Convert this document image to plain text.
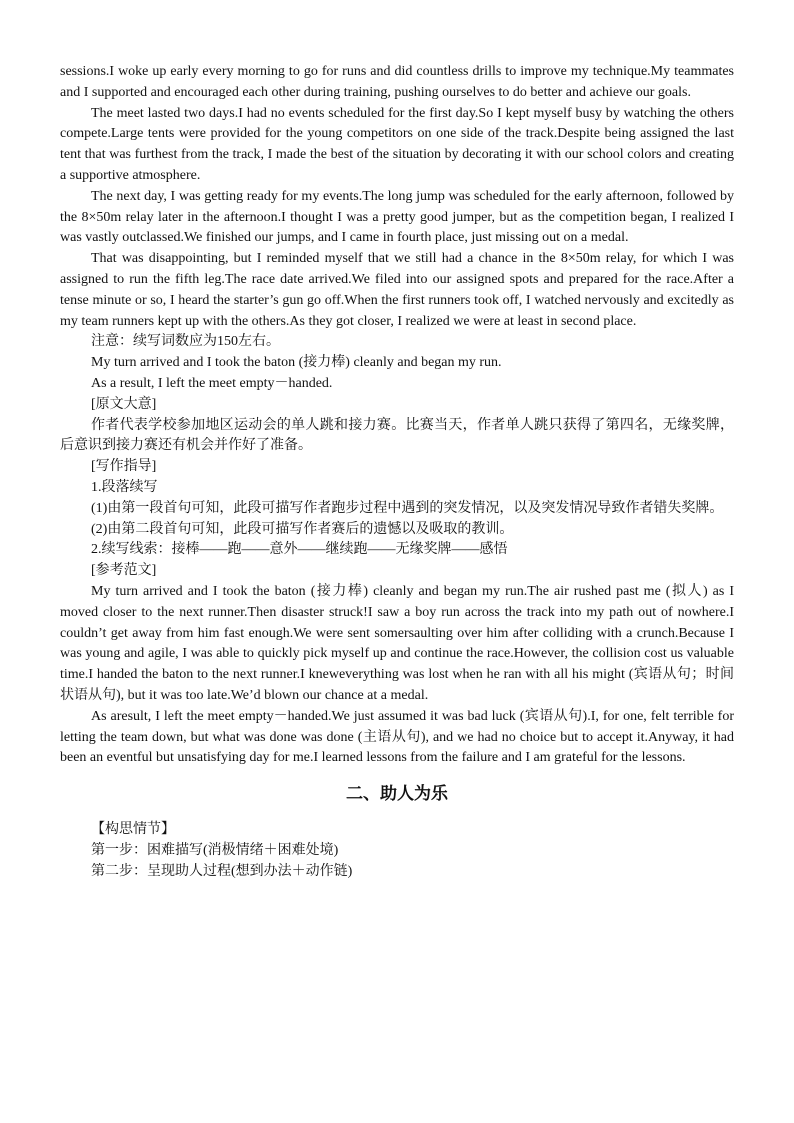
sessions.I woke up early every morning to go for runs and did countless drills to improve my technique.My teammates and I supported and encouraged each other during training, pushing ourselves to do better and achieve our goals.

The meet lasted two days.I had no events scheduled for the first day.So I kept myself busy by watching the others compete.Large tents were provided for the young competitors on one side of the track.Despite being assigned the last tent that was furthest from the track, I made the best of the situation by decorating it with our school colors and creating a supportive atmosphere.

The next day, I was getting ready for my events.The long jump was scheduled for the early afternoon, followed by the 8×50m relay later in the afternoon.I thought I was a pretty good jumper, but as the competition began, I realized I was vastly outclassed.We finished our jumps, and I came in fourth place, just missing out on a medal.

That was disappointing, but I reminded myself that we still had a chance in the 8×50m relay, for which I was assigned to run the fifth leg.The race date arrived.We filed into our assigned spots and prepared for the race.After a tense minute or so, I heard the starter’s gun go off.When the first runners took off, I watched nervously and excitedly as my team runners kept up with the others.As they got closer, I realized we were at least in second place.

注意：续写词数应为150左右。

My turn arrived and I took the baton (接力棒) cleanly and began my run.

As a result, I left the meet empty－handed.

[原文大意]

作者代表学校参加地区运动会的单人跳和接力赛。比赛当天，作者单人跳只获得了第四名，无缘奖牌，后意识到接力赛还有机会并作好了准备。

[写作指导]

1.段落续写

(1)由第一段首句可知，此段可描写作者跑步过程中遇到的突发情况，以及突发情况导致作者错失奖牌。

(2)由第二段首句可知，此段可描写作者赛后的遗憾以及吸取的教训。

2.续写线索：接棒——跑——意外——继续跑——无缘奖牌——感悟

[参考范文]

My turn arrived and I took the baton (接力棒) cleanly and began my run.The air rushed past me (拟人) as I moved closer to the next runner.Then disaster struck!I saw a boy run across the track into my path out of nowhere.I couldn’t get away from him fast enough.We were sent somersaulting over him after colliding with a crunch.Because I was young and agile, I was able to quickly pick myself up and continue the race.However, the collision cost us valuable time.I handed the baton to the next runner.I kneweverything was lost when he ran with all his might (宾语从句；时间状语从句), but it was too late.We’d blown our chance at a medal.

As aresult, I left the meet empty－handed.We just assumed it was bad luck (宾语从句).I, for one, felt terrible for letting the team down, but what was done was done (主语从句), and we had no choice but to accept it.Anyway, it had been an eventful but unsatisfying day for me.I learned lessons from the failure and I am grateful for the lessons.

二、助人为乐

【构思情节】

第一步：困难描写(消极情绪＋困难处境)

第二步：呈现助人过程(想到办法＋动作链)
